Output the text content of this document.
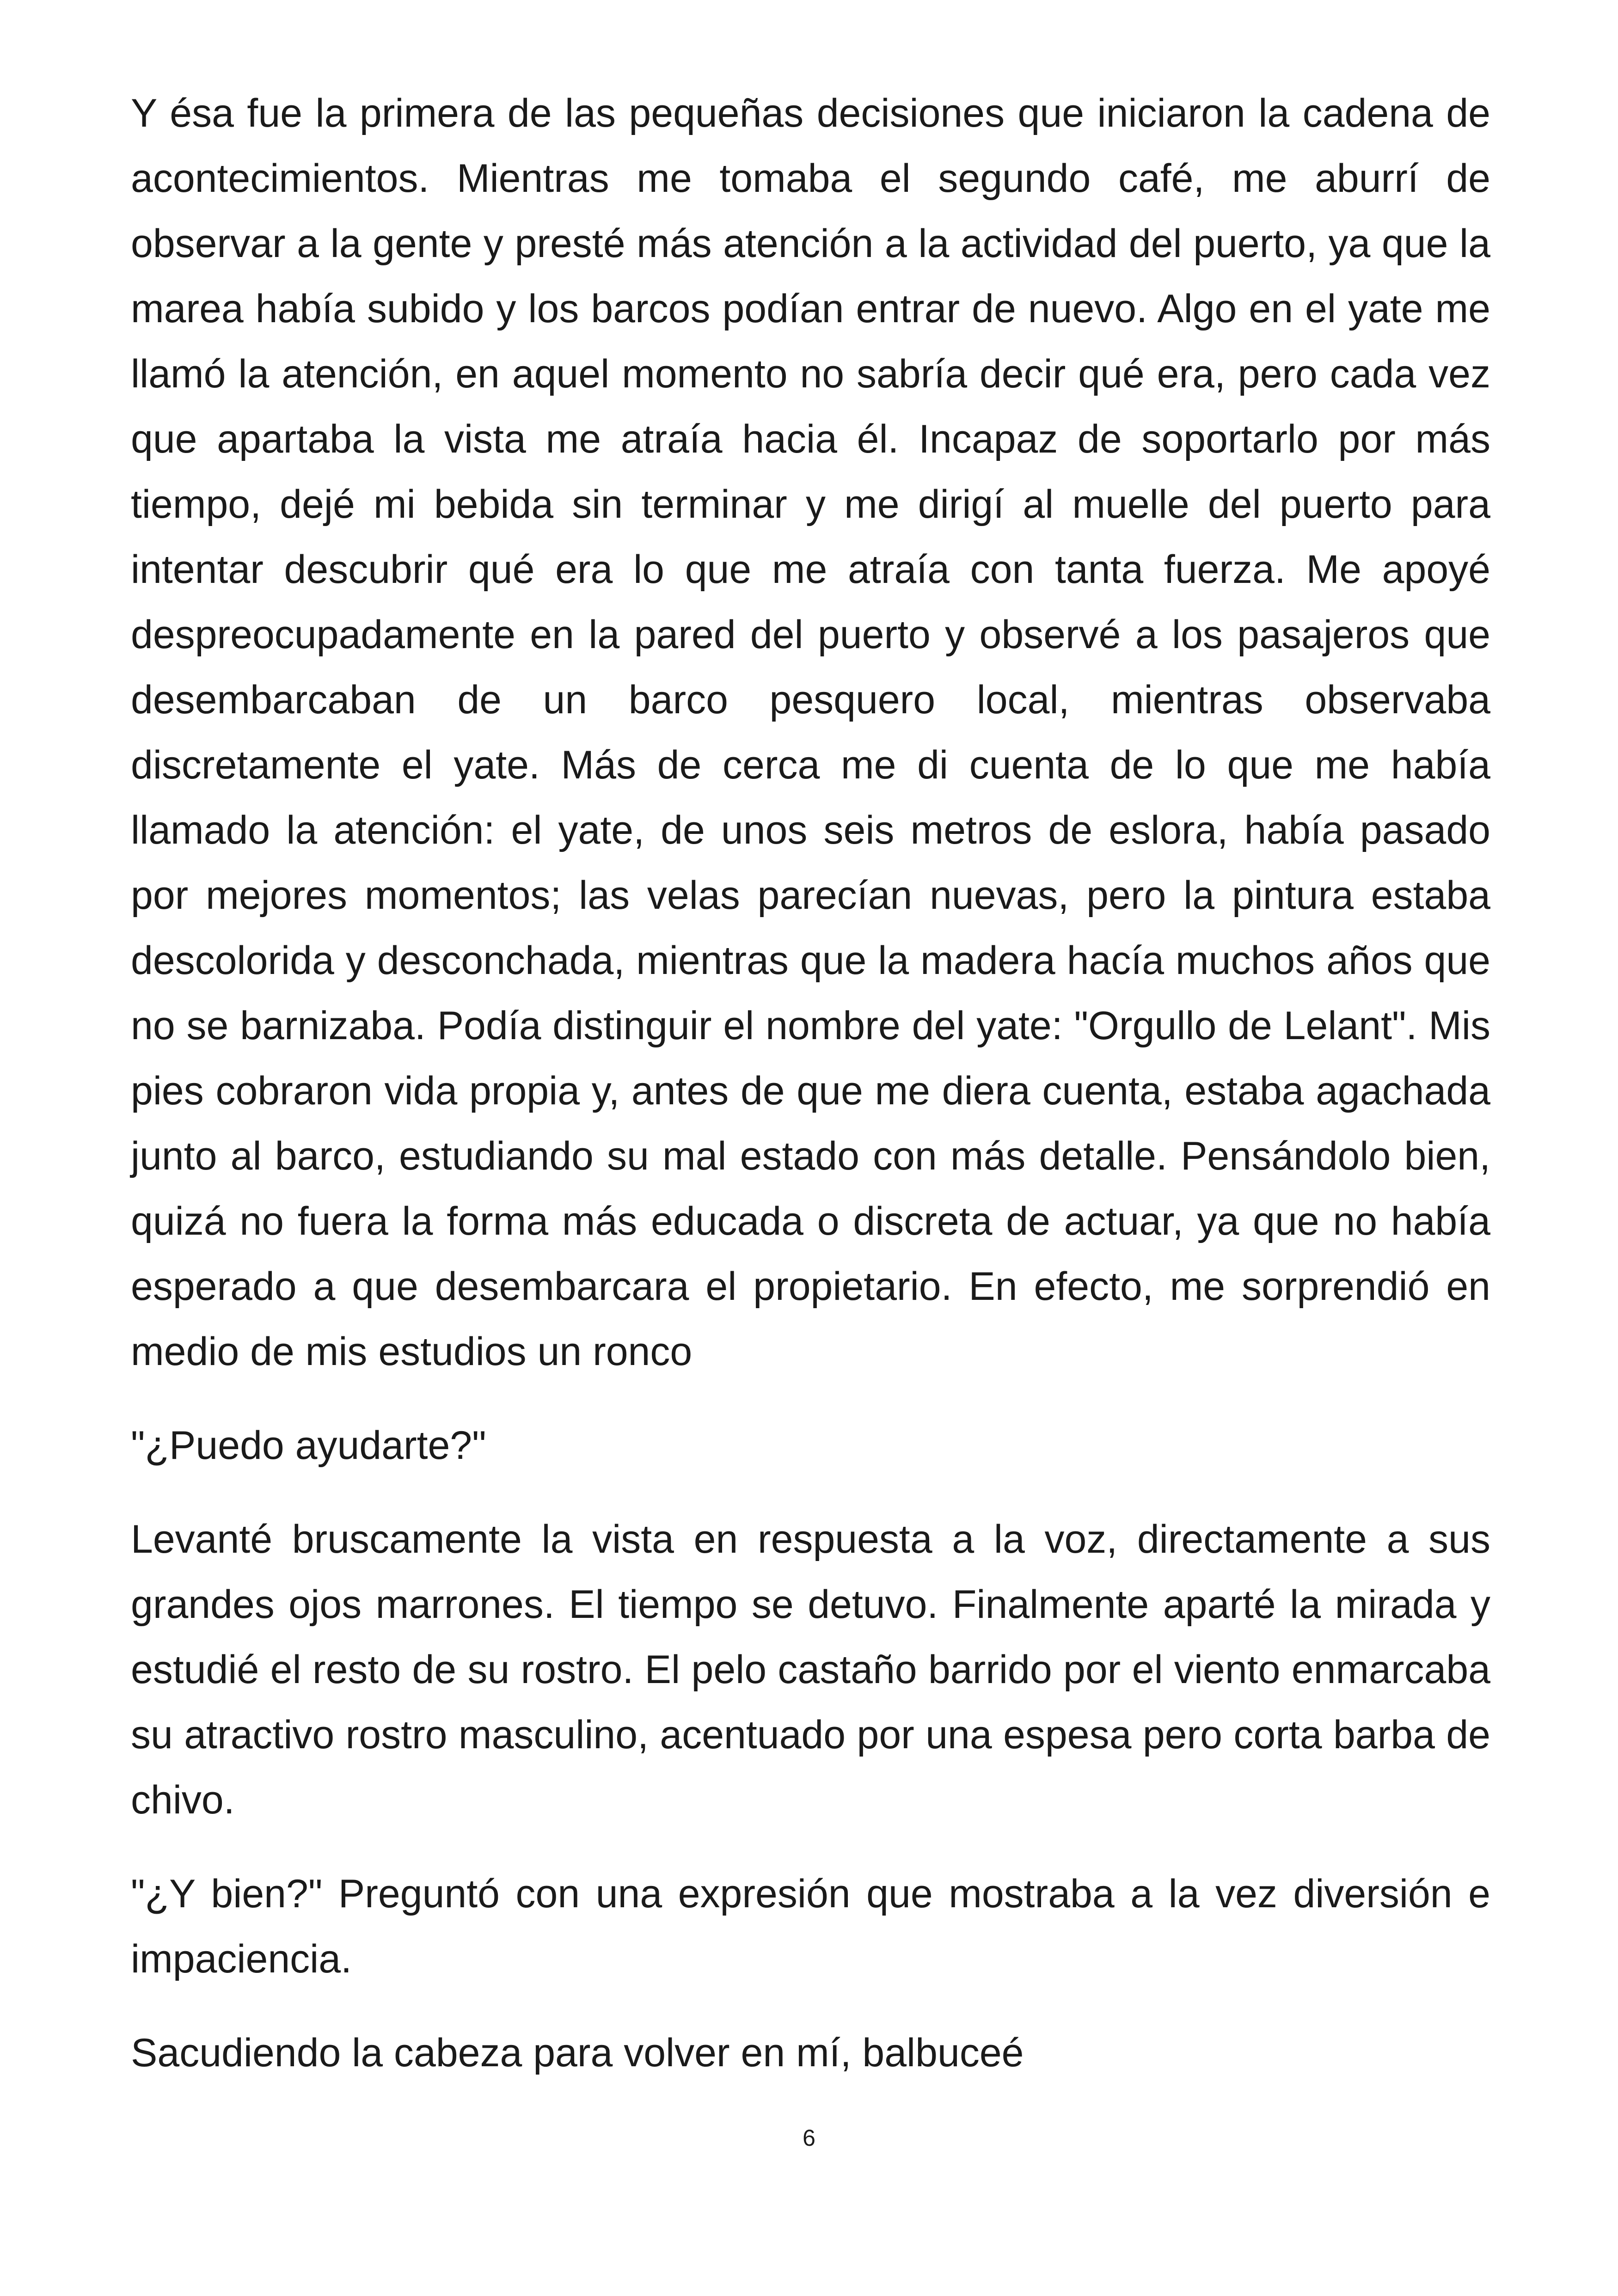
Y ésa fue la primera de las pequeñas decisiones que iniciaron la cadena de acontecimientos. Mientras me tomaba el segundo café, me aburrí de observar a la gente y presté más atención a la actividad del puerto, ya que la marea había subido y los barcos podían entrar de nuevo. Algo en el yate me llamó la atención, en aquel momento no sabría decir qué era, pero cada vez que apartaba la vista me atraía hacia él. Incapaz de soportarlo por más tiempo, dejé mi bebida sin terminar y me dirigí al muelle del puerto para intentar descubrir qué era lo que me atraía con tanta fuerza. Me apoyé despreocupadamente en la pared del puerto y observé a los pasajeros que desembarcaban de un barco pesquero local, mientras observaba discretamente el yate. Más de cerca me di cuenta de lo que me había llamado la atención: el yate, de unos seis metros de eslora, había pasado por mejores momentos; las velas parecían nuevas, pero la pintura estaba descolorida y desconchada, mientras que la madera hacía muchos años que no se barnizaba. Podía distinguir el nombre del yate: "Orgullo de Lelant". Mis pies cobraron vida propia y, antes de que me diera cuenta, estaba agachada junto al barco, estudiando su mal estado con más detalle. Pensándolo bien, quizá no fuera la forma más educada o discreta de actuar, ya que no había esperado a que desembarcara el propietario. En efecto, me sorprendió en medio de mis estudios un ronco

"¿Puedo ayudarte?"

Levanté bruscamente la vista en respuesta a la voz, directamente a sus grandes ojos marrones. El tiempo se detuvo. Finalmente aparté la mirada y estudié el resto de su rostro. El pelo castaño barrido por el viento enmarcaba su atractivo rostro masculino, acentuado por una espesa pero corta barba de chivo.

"¿Y bien?" Preguntó con una expresión que mostraba a la vez diversión e impaciencia.

Sacudiendo la cabeza para volver en mí, balbuceé

6
